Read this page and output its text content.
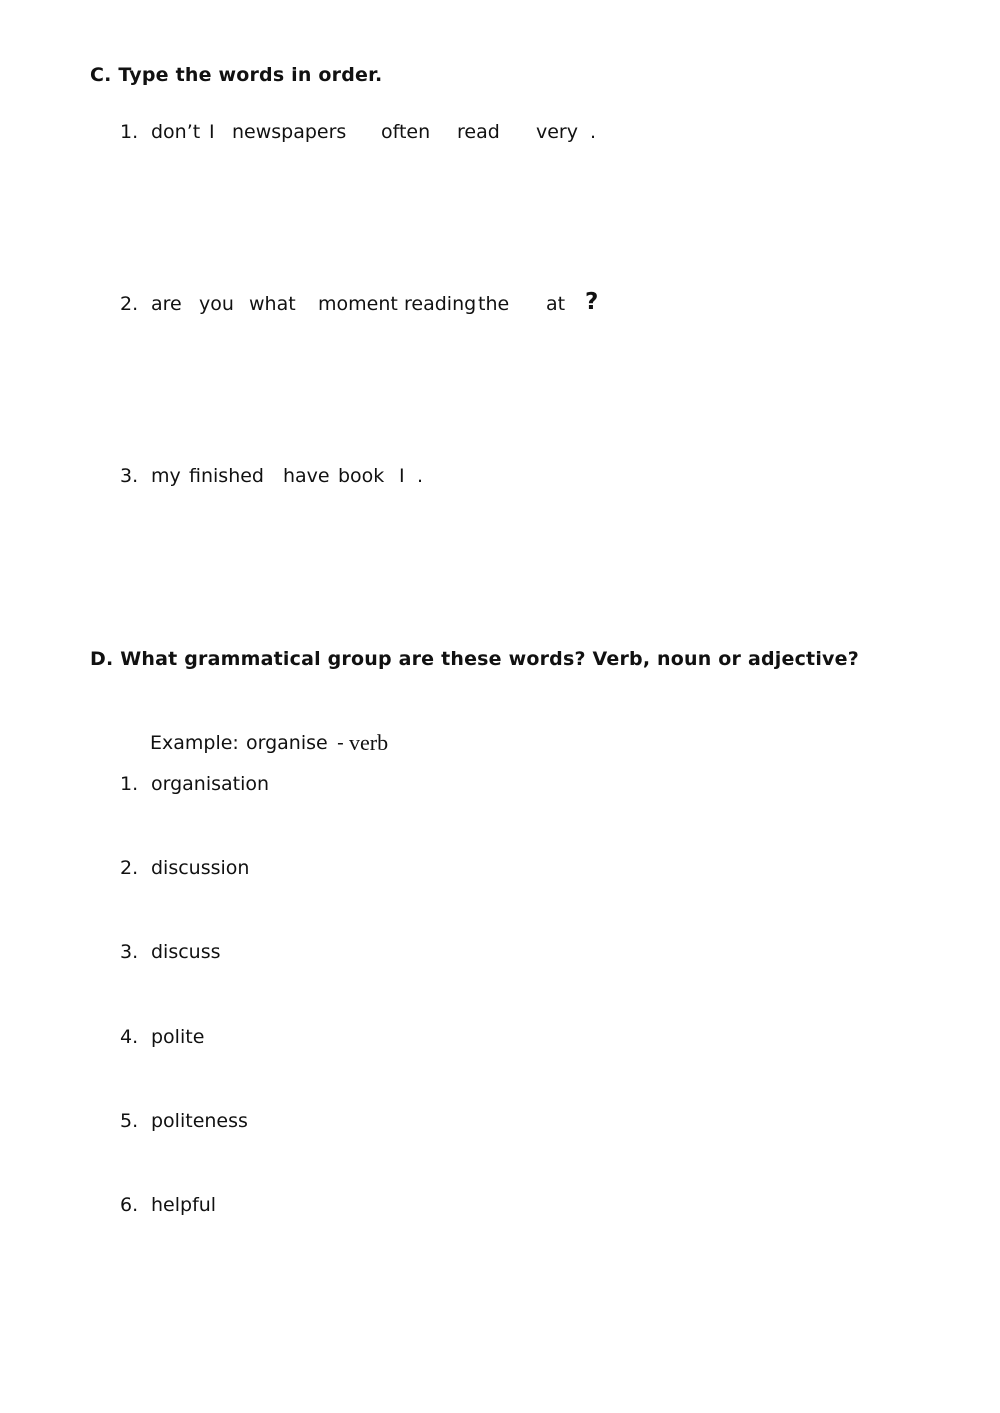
C. Type the words in order.
1. don’t I newspapers often read very .
2. are you what moment reading the at ?
3. my finished have book I .
D. What grammatical group are these words? Verb, noun or adjective?
Example: organise - verb
1. organisation
2. discussion
3. discuss
4. polite
5. politeness
6. helpful
